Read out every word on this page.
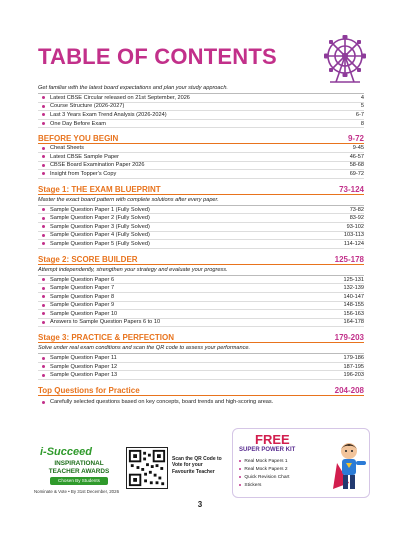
TABLE OF CONTENTS
Get familiar with the latest board expectations and plan your study approach.
Latest CBSE Circular released on 21st September, 2026	4
Course Structure (2026-2027)	5
Last 3 Years Exam Trend Analysis (2026-2024)	6-7
One Day Before Exam	8
BEFORE YOU BEGIN	9-72
Cheat Sheets	9-45
Latest CBSE Sample Paper	46-57
CBSE Board Examination Paper 2026	58-68
Insight from Topper's Copy	69-72
Stage 1: THE EXAM BLUEPRINT	73-124
Master the exact board pattern with complete solutions after every paper.
Sample Question Paper 1 (Fully Solved)	73-82
Sample Question Paper 2 (Fully Solved)	83-92
Sample Question Paper 3 (Fully Solved)	93-102
Sample Question Paper 4 (Fully Solved)	103-113
Sample Question Paper 5 (Fully Solved)	114-124
Stage 2: SCORE BUILDER	125-178
Attempt independently, strengthen your strategy and evaluate your progress.
Sample Question Paper 6	125-131
Sample Question Paper 7	132-139
Sample Question Paper 8	140-147
Sample Question Paper 9	148-155
Sample Question Paper 10	156-163
Answers to Sample Question Papers 6 to 10	164-178
Stage 3: PRACTICE & PERFECTION	179-203
Solve under real exam conditions and scan the QR code to assess your performance.
Sample Question Paper 11	179-186
Sample Question Paper 12	187-195
Sample Question Paper 13	196-203
Top Questions for Practice	204-208
Carefully selected questions based on key concepts, board trends and high-scoring areas.
i-Succeed
INSPIRATIONAL
TEACHER AWARDS
Chosen By Students
Nominate & Vote • By 31st December, 2026
Scan the QR Code to Vote for your Favourite Teacher
FREE
SUPER POWER KIT
Real Mock Papers 1
Real Mock Papers 2
Quick Revision Chart
Stickers
3
